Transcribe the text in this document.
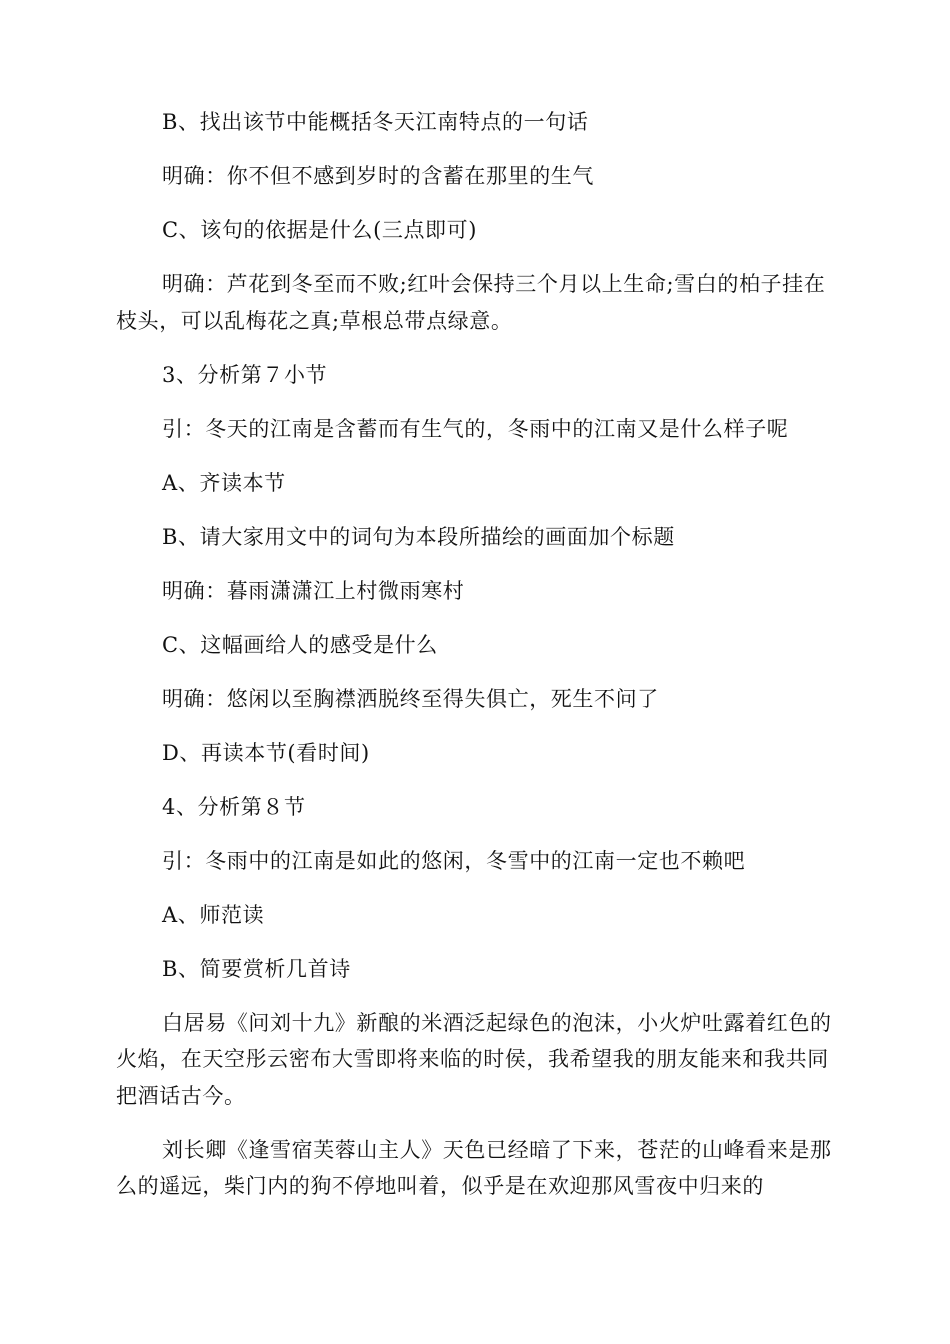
B、找出该节中能概括冬天江南特点的一句话

明确：你不但不感到岁时的含蓄在那里的生气

C、该句的依据是什么(三点即可)

明确：芦花到冬至而不败;红叶会保持三个月以上生命;雪白的柏子挂在枝头，可以乱梅花之真;草根总带点绿意。

3、分析第７小节

引：冬天的江南是含蓄而有生气的，冬雨中的江南又是什么样子呢

A、齐读本节

B、请大家用文中的词句为本段所描绘的画面加个标题

明确：暮雨潇潇江上村微雨寒村

C、这幅画给人的感受是什么

明确：悠闲以至胸襟洒脱终至得失俱亡，死生不问了

D、再读本节(看时间)

4、分析第８节

引：冬雨中的江南是如此的悠闲，冬雪中的江南一定也不赖吧

A、师范读

B、简要赏析几首诗

白居易《问刘十九》新酿的米酒泛起绿色的泡沫，小火炉吐露着红色的火焰，在天空彤云密布大雪即将来临的时侯，我希望我的朋友能来和我共同把酒话古今。

刘长卿《逢雪宿芙蓉山主人》天色已经暗了下来，苍茫的山峰看来是那么的遥远，柴门内的狗不停地叫着，似乎是在欢迎那风雪夜中归来的
